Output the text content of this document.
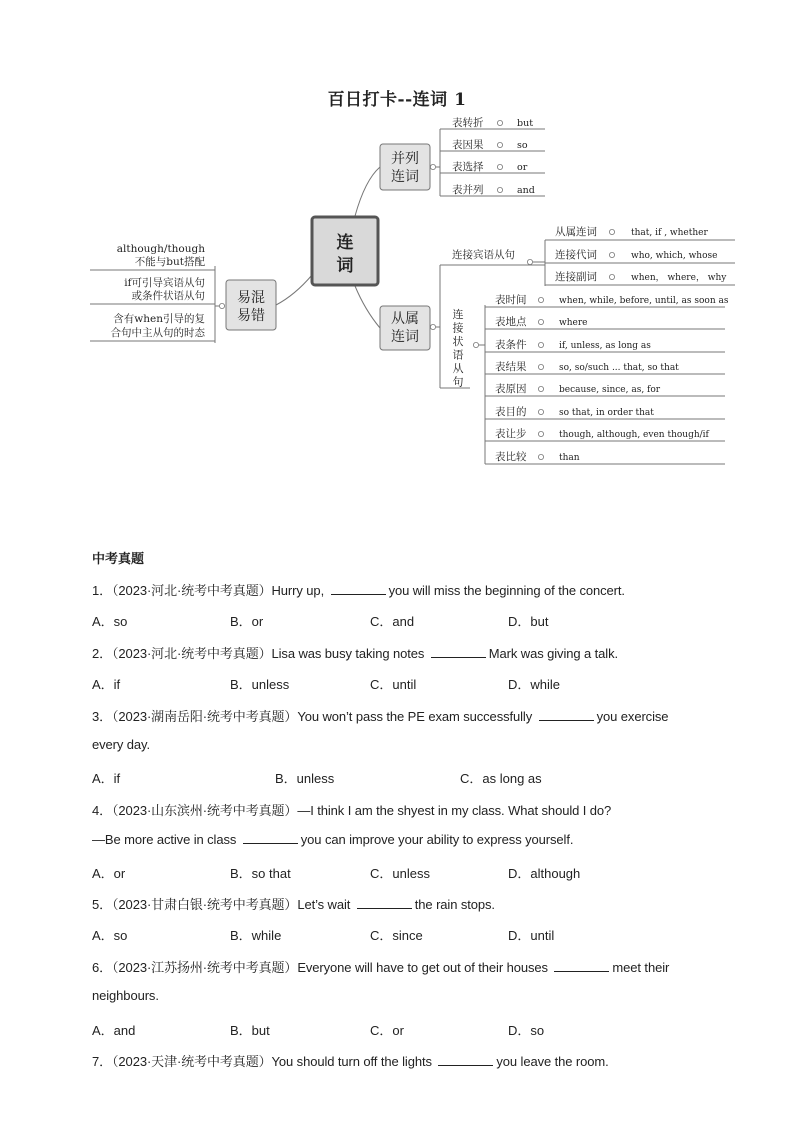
百日打卡--连词 1
连
词
并列
连词
表转折	but
表因果	so
表选择	or
表并列	and
从属
连词
连接宾语从句
从属连词	that, if , whether
连接代词	who, which, whose
连接副词	when， where， why
连
接
状
语
从
句
表时间	when, while, before, until, as soon as
表地点	where
表条件	if, unless, as long as
表结果	so, so/such ... that, so that
表原因	because, since, as, for
表目的	so that, in order that
表让步	though, although, even though/if
表比较	than
易混
易错
although/though
不能与but搭配
if可引导宾语从句
或条件状语从句
含有when引导的复
合句中主从句的时态
中考真题
1．（2023·河北·统考中考真题）Hurry up,	you will miss the beginning of the concert.
A．so	B．or	C．and	D．but
2．（2023·河北·统考中考真题）Lisa was busy taking notes	Mark was giving a talk.
A．if	B．unless	C．until	D．while
3．（2023·湖南岳阳·统考中考真题）You won’t pass the PE exam successfully	you exercise
every day.
A．if	B．unless	C．as long as
4．（2023·山东滨州·统考中考真题）—I think I am the shyest in my class. What should I do?
—Be more active in class	you can improve your ability to express yourself.
A．or	B．so that	C．unless	D．although
5．（2023·甘肃白银·统考中考真题）Let’s wait	the rain stops.
A．so	B．while	C．since	D．until
6．（2023·江苏扬州·统考中考真题）Everyone will have to get out of their houses	meet their
neighbours.
A．and	B．but	C．or	D．so
7．（2023·天津·统考中考真题）You should turn off the lights	you leave the room.
